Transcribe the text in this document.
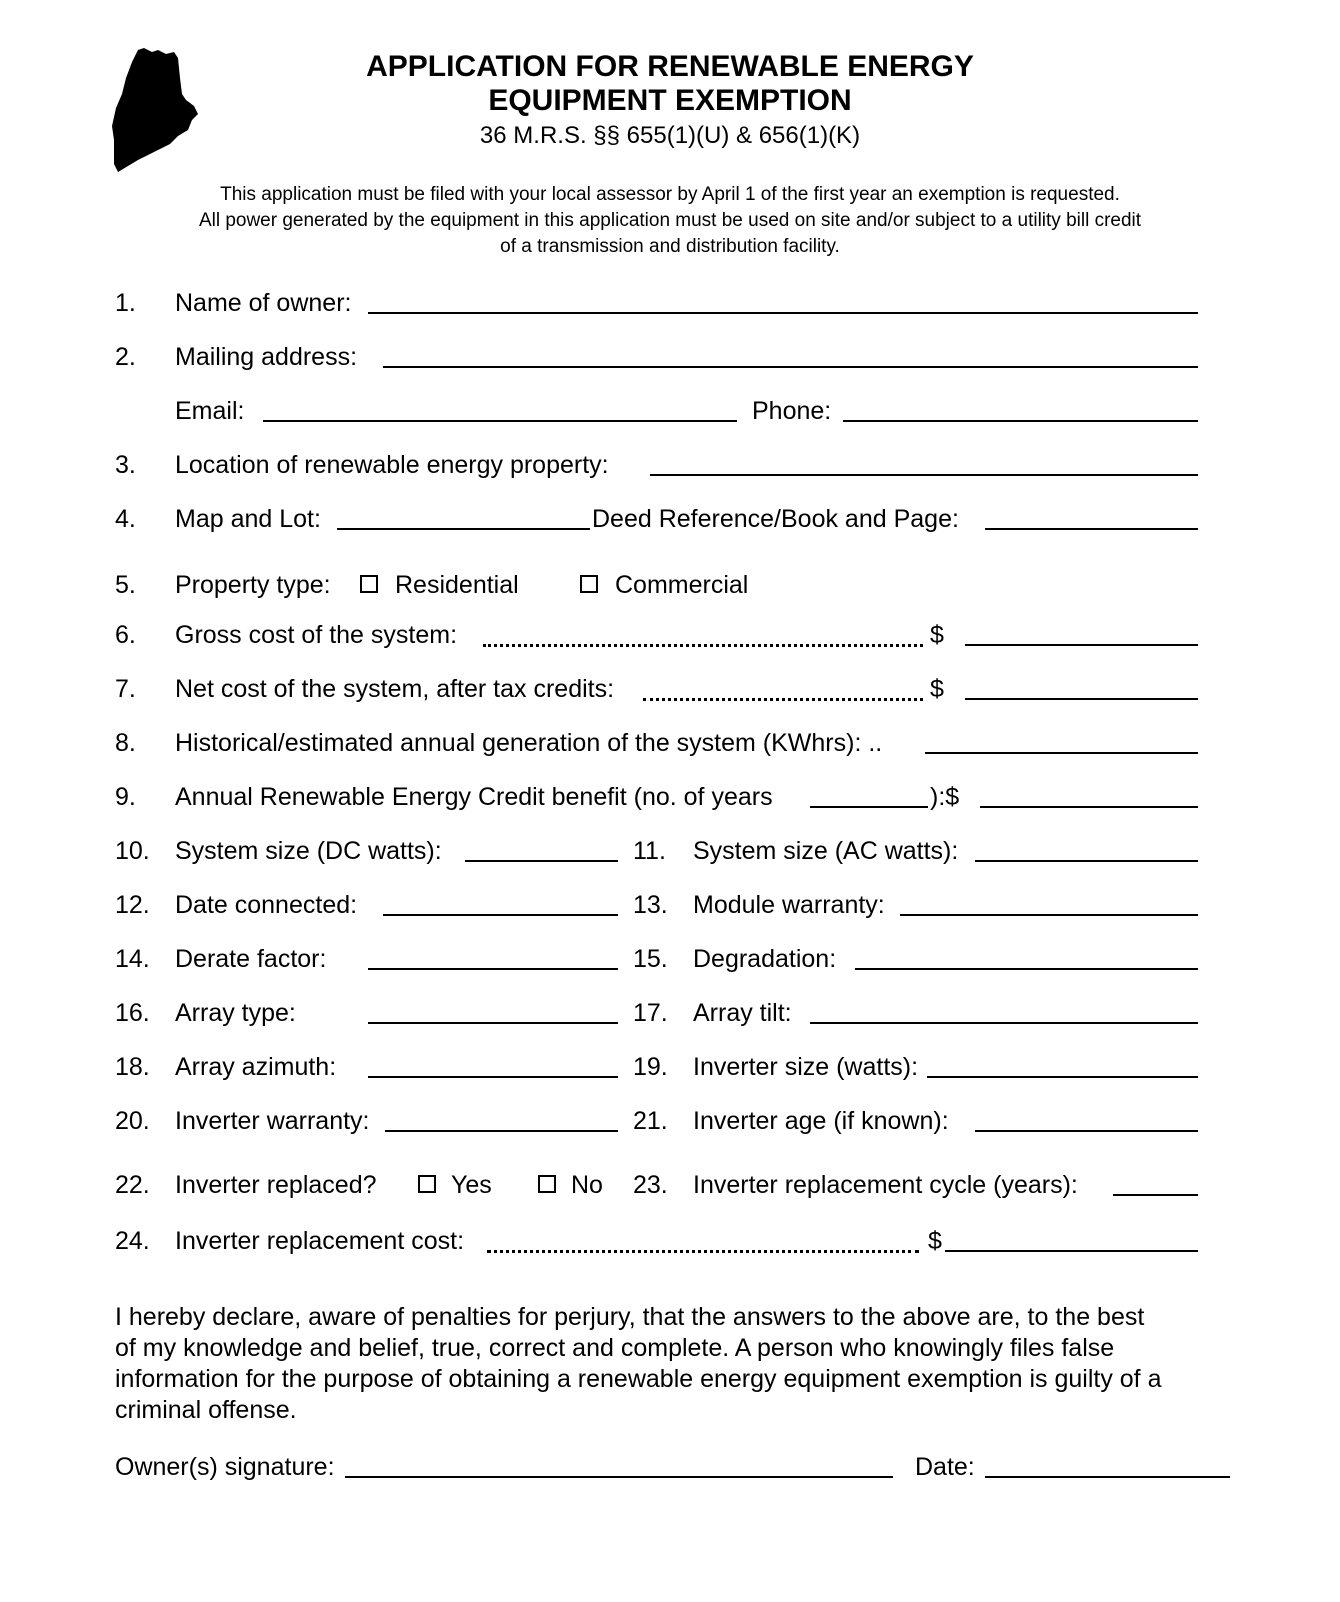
APPLICATION FOR RENEWABLE ENERGY
EQUIPMENT EXEMPTION
36 M.R.S. §§ 655(1)(U) & 656(1)(K)
This application must be filed with your local assessor by April 1 of the first year an exemption is requested.
All power generated by the equipment in this application must be used on site and/or subject to a utility bill credit
of a transmission and distribution facility.
1. Name of owner:
2. Mailing address:
Email:	Phone:
3. Location of renewable energy property:
4. Map and Lot:	Deed Reference/Book and Page:
5. Property type:	Residential	Commercial
6. Gross cost of the system:	$
7. Net cost of the system, after tax credits:	$
8. Historical/estimated annual generation of the system (KWhrs): ..
9. Annual Renewable Energy Credit benefit (no. of years	):$
10. System size (DC watts):	11. System size (AC watts):
12. Date connected:	13. Module warranty:
14. Derate factor:	15. Degradation:
16. Array type:	17. Array tilt:
18. Array azimuth:	19. Inverter size (watts):
20. Inverter warranty:	21. Inverter age (if known):
22. Inverter replaced?	Yes	No 23. Inverter replacement cycle (years):
24. Inverter replacement cost:	$
I hereby declare, aware of penalties for perjury, that the answers to the above are, to the best
of my knowledge and belief, true, correct and complete. A person who knowingly files false
information for the purpose of obtaining a renewable energy equipment exemption is guilty of a
criminal offense.
Owner(s) signature:	Date:
